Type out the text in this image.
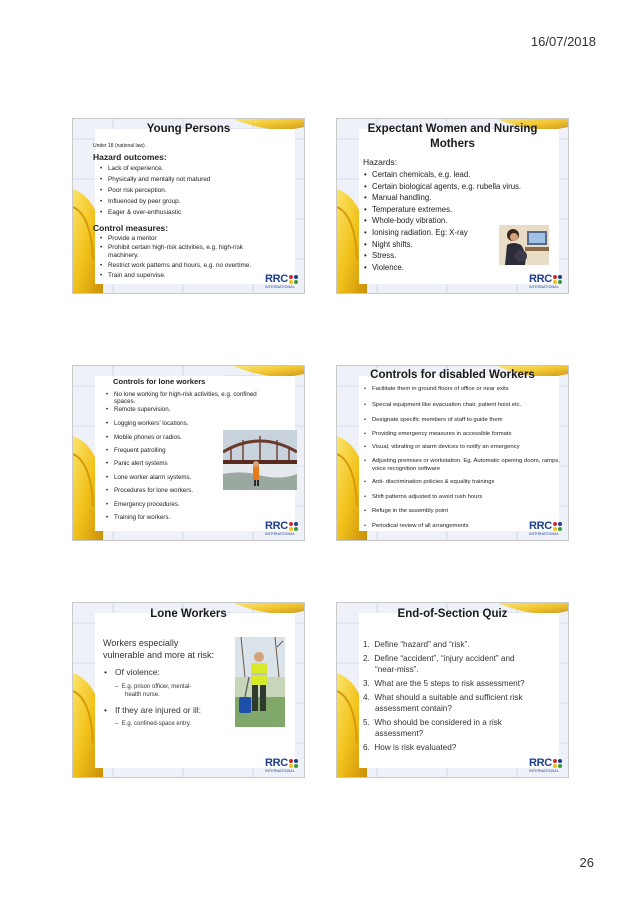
16/07/2018
Young Persons
Under 18 (national law).
Hazard outcomes:
• Lack of experience.
• Physically and mentally not matured
• Poor risk perception.
• Influenced by peer group.
• Eager & over-enthusiastic
Control measures:
• Provide a mentor
• Prohibit certain high-risk activities, e.g. high-risk machinery.
• Restrict work patterns and hours, e.g. no overtime.
• Train and supervise.	RRC
INTERNATIONAL
Expectant Women and Nursing
Mothers
Hazards:
• Certain chemicals, e.g. lead.
• Certain biological agents, e.g. rubella virus.
• Manual handling.
• Temperature extremes.
• Whole-body vibration.
• Ionising radiation. Eg: X-ray
• Night shifts.
• Stress.
• Violence.
RRC
INTERNATIONAL
Controls for lone workers
• No lone working for high-risk activities, e.g. confined spaces.
• Remote supervision.
• Logging workers’ locations.
• Mobile phones or radios.
• Frequent patrolling
• Panic alert systems
• Lone worker alarm systems.
• Procedures for lone workers.
• Emergency procedures.
• Training for workers.
RRC
INTERNATIONAL
Controls for disabled Workers
• Facilitate them in ground floors of office or near exits
• Special equipment like evacuation chair, patient hoist etc.
• Designate specific members of staff to guide them
• Providing emergency measures in accessible formats
• Visual, vibrating or alarm devices to notify an emergency
• Adjusting premises or workstation. Eg. Automatic opening doors, ramps, voice recognition software
• Anti- discrimination policies & equality trainings
• Shift patterns adjusted to avoid rush hours
• Refuge in the assembly point
• Periodical review of all arrangements	RRC
INTERNATIONAL
Lone Workers
Workers especially
vulnerable and more at risk:
• Of violence:
–  E.g. prison officer, mental-
health nurse.
• If they are injured or ill:
–  E.g. confined-space entry.
RRC
INTERNATIONAL
End-of-Section Quiz
1.  Define “hazard” and “risk”.
2.  Define “accident”, “injury accident” and
“near-miss”.
3.  What are the 5 steps to risk assessment?
4.  What should a suitable and sufficient risk
assessment contain?
5.  Who should be considered in a risk
assessment?
6.  How is risk evaluated?
RRC
INTERNATIONAL
26
